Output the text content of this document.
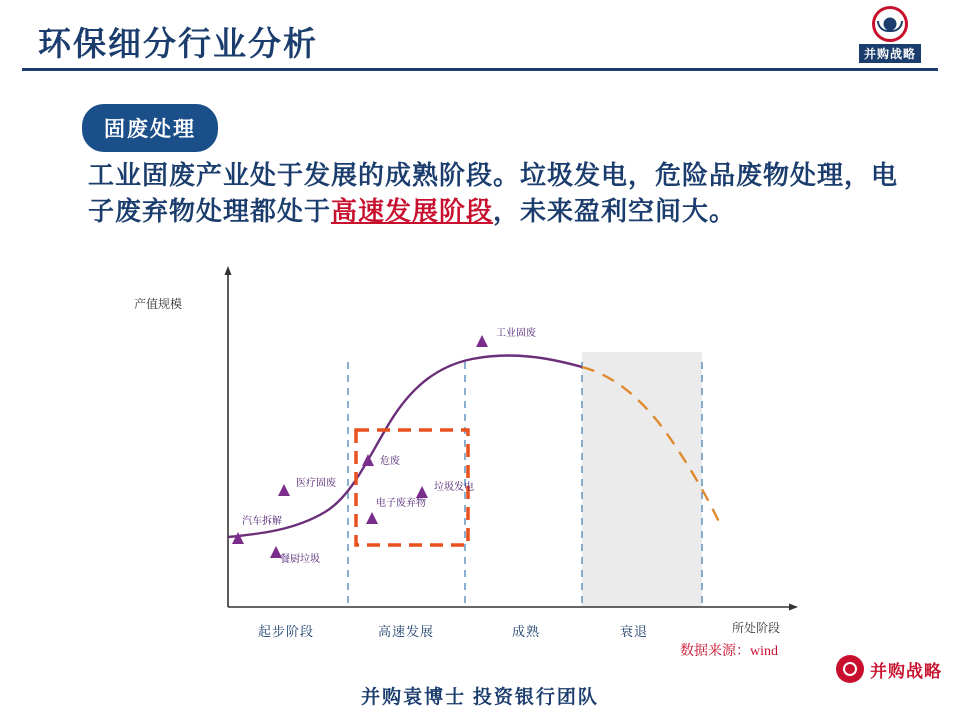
环保细分行业分析	并购战略
固废处理
工业固废产业处于发展的成熟阶段。垃圾发电，危险品废物处理，电子废弃物处理都处于高速发展阶段，未来盈利空间大。
工业固废
危废
垃圾发电
电子废弃物
医疗固废
汽车拆解
餐厨垃圾
产值规模
所处阶段
起步阶段	高速发展	成熟	衰退
数据来源：wind
并购袁博士 投资银行团队
并购战略
